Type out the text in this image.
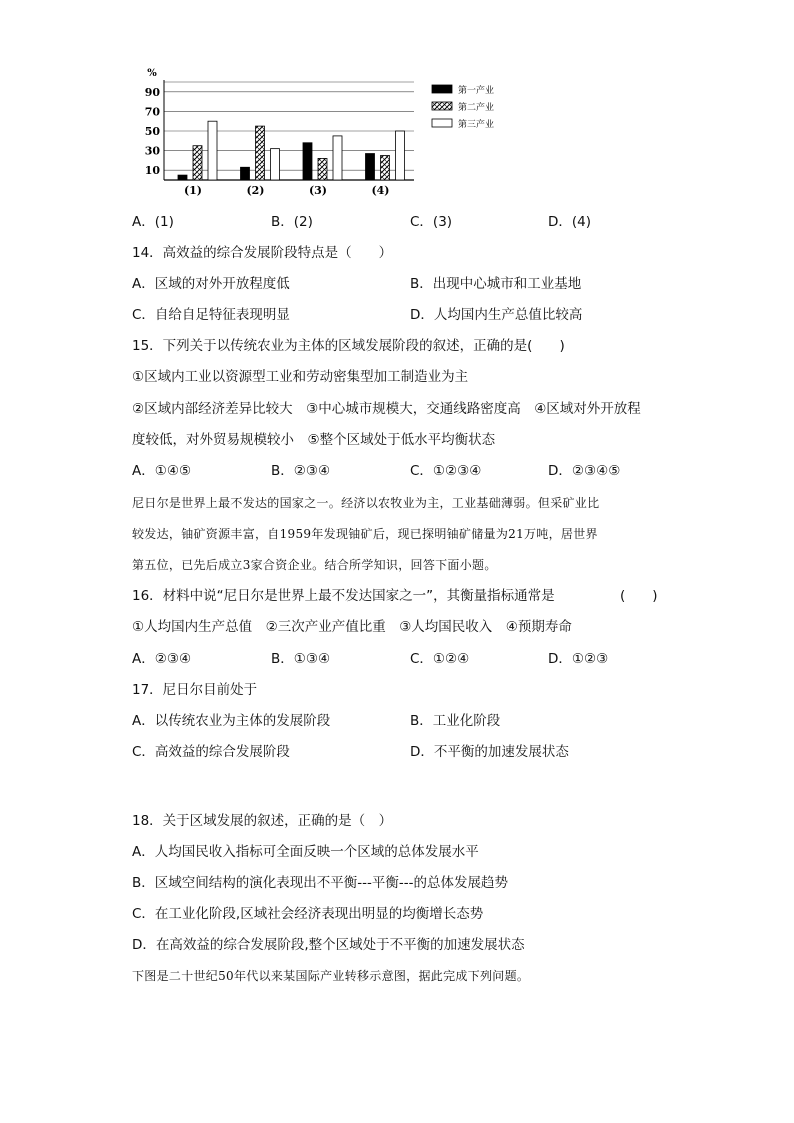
10
30
50
70
90
%
(1)	(2)	(3)	(4)
第一产业
第二产业
第三产业
A．(1)	B．(2)	C．(3)	D．(4)
14．高效益的综合发展阶段特点是（　　）
A．区域的对外开放程度低	B．出现中心城市和工业基地
C．自给自足特征表现明显	D．人均国内生产总值比较高
15．下列关于以传统农业为主体的区域发展阶段的叙述，正确的是(　　)
①区域内工业以资源型工业和劳动密集型加工制造业为主
②区域内部经济差异比较大　③中心城市规模大，交通线路密度高　④区域对外开放程
度较低，对外贸易规模较小　⑤整个区域处于低水平均衡状态
A．①④⑤	B．②③④	C．①②③④	D．②③④⑤
尼日尔是世界上最不发达的国家之一。经济以农牧业为主，工业基础薄弱。但采矿业比
较发达，铀矿资源丰富，自1959年发现铀矿后，现已探明铀矿储量为21万吨，居世界
第五位，已先后成立3家合资企业。结合所学知识，回答下面小题。
16．材料中说“尼日尔是世界上最不发达国家之一”，其衡量指标通常是	(　　)
①人均国内生产总值　②三次产业产值比重　③人均国民收入　④预期寿命
A．②③④	B．①③④	C．①②④	D．①②③
17．尼日尔目前处于
A．以传统农业为主体的发展阶段	B．工业化阶段
C．高效益的综合发展阶段	D．不平衡的加速发展状态
18．关于区域发展的叙述，正确的是（　）
A．人均国民收入指标可全面反映一个区域的总体发展水平
B．区域空间结构的演化表现出不平衡---平衡---的总体发展趋势
C．在工业化阶段,区域社会经济表现出明显的均衡增长态势
D．在高效益的综合发展阶段,整个区域处于不平衡的加速发展状态
下图是二十世纪50年代以来某国际产业转移示意图，据此完成下列问题。
